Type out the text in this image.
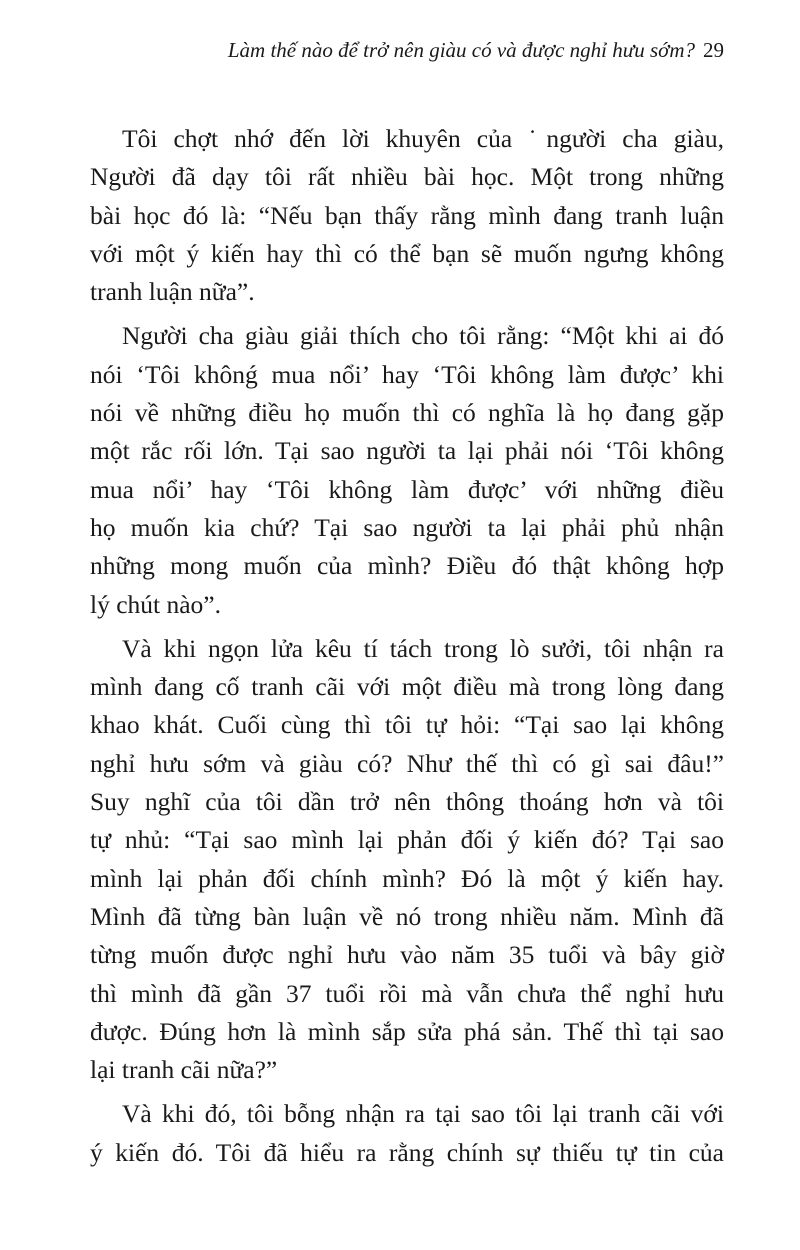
Làm thế nào để trở nên giàu có và được nghỉ hưu sớm? 29

Tôi chợt nhớ đến lời khuyên của ˙người cha giàu,
Người đã dạy tôi rất nhiều bài học. Một trong những
bài học đó là: “Nếu bạn thấy rằng mình đang tranh luận
với một ý kiến hay thì có thể bạn sẽ muốn ngưng không
tranh luận nữa”.

Người cha giàu giải thích cho tôi rằng: “Một khi ai đó
nói ‘Tôi khônǵ mua nổi’ hay ‘Tôi không làm được’ khi
nói về những điều họ muốn thì có nghĩa là họ đang gặp
một rắc rối lớn. Tại sao người ta lại phải nói ‘Tôi không
mua nổi’ hay ‘Tôi không làm được’ với những điều
họ muốn kia chứ? Tại sao người ta lại phải phủ nhận
những mong muốn của mình? Điều đó thật không hợp
lý chút nào”.

Và khi ngọn lửa kêu tí tách trong lò sưởi, tôi nhận ra
mình đang cố tranh cãi với một điều mà trong lòng đang
khao khát. Cuối cùng thì tôi tự hỏi: “Tại sao lại không
nghỉ hưu sớm và giàu có? Như thế thì có gì sai đâu!”
Suy nghĩ của tôi dần trở nên thông thoáng hơn và tôi
tự nhủ: “Tại sao mình lại phản đối ý kiến đó? Tại sao
mình lại phản đối chính mình? Đó là một ý kiến hay.
Mình đã từng bàn luận về nó trong nhiều năm. Mình đã
từng muốn được nghỉ hưu vào năm 35 tuổi và bây giờ
thì mình đã gần 37 tuổi rồi mà vẫn chưa thể nghỉ hưu
được. Đúng hơn là mình sắp sửa phá sản. Thế thì tại sao
lại tranh cãi nữa?”

Và khi đó, tôi bỗng nhận ra tại sao tôi lại tranh cãi với
ý kiến đó. Tôi đã hiểu ra rằng chính sự thiếu tự tin của
